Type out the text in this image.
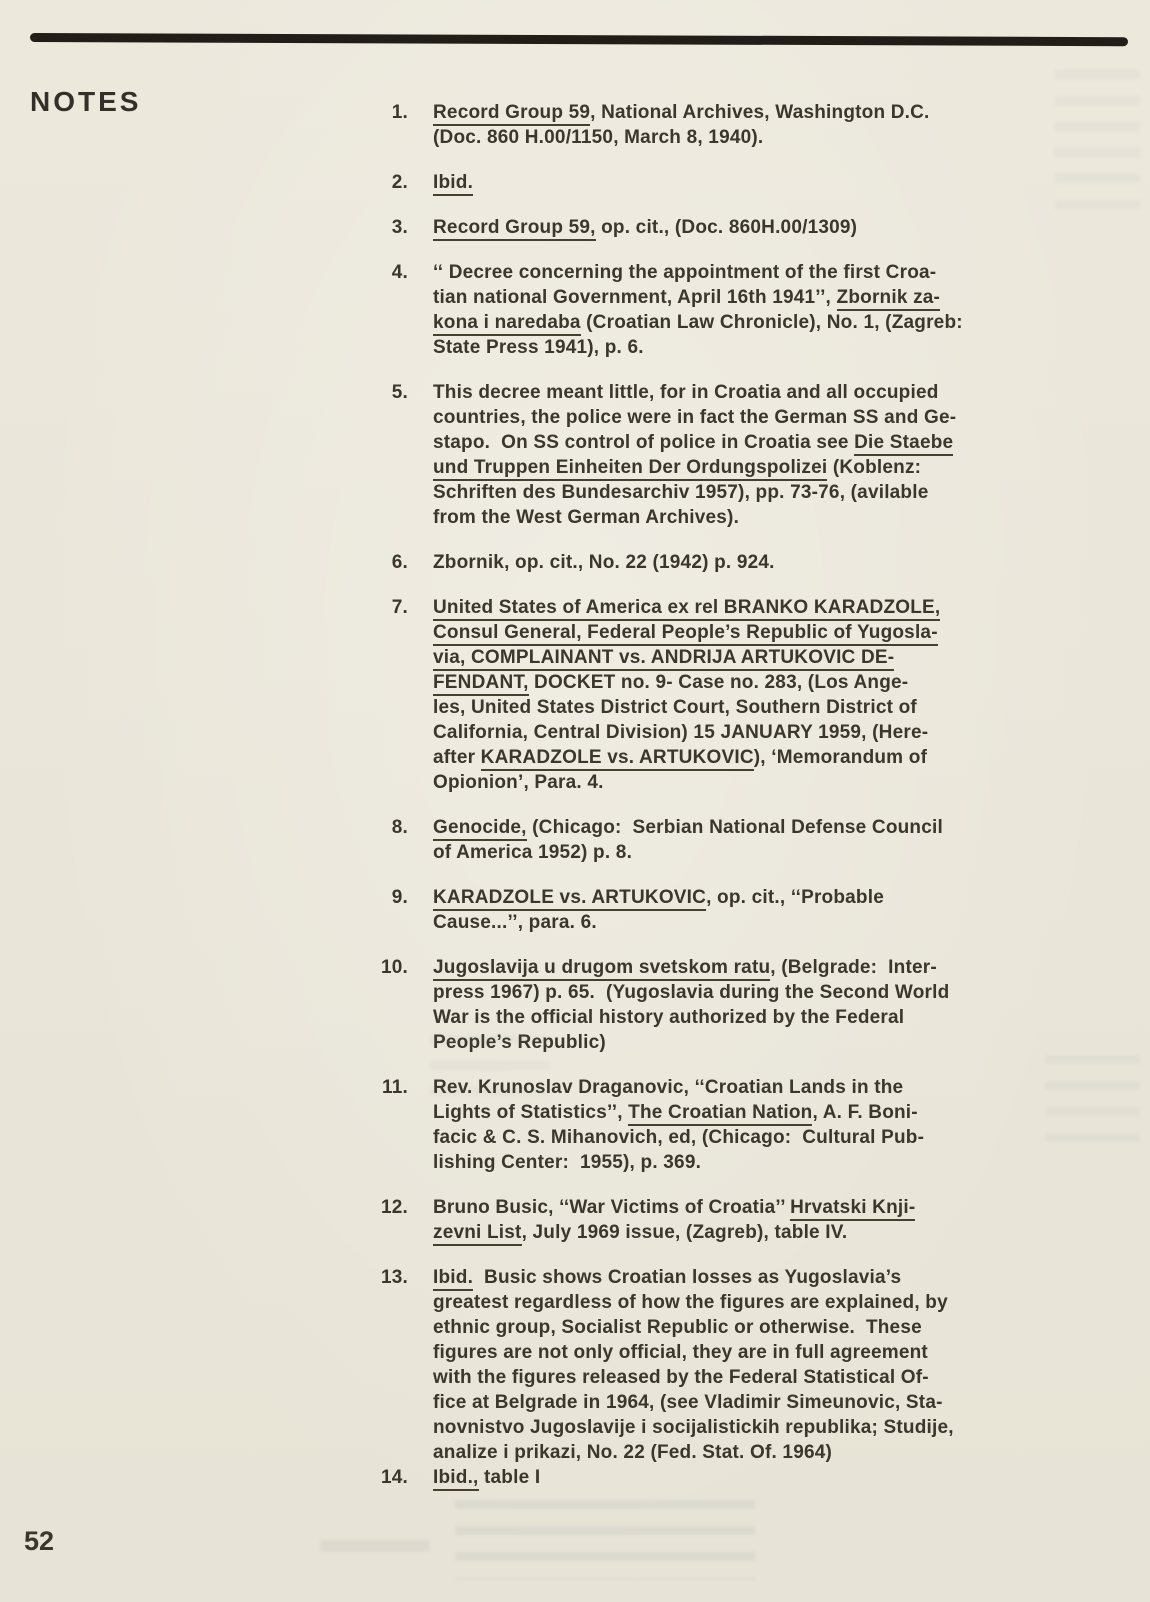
NOTES	1. Record Group 59, National Archives, Washington D.C.
(Doc. 860 H.00/1150, March 8, 1940).
2. Ibid.
3. Record Group 59, op. cit., (Doc. 860H.00/1309)
4. ‘‘ Decree concerning the appointment of the first Croa-
tian national Government, April 16th 1941’’, Zbornik za-
kona i naredaba (Croatian Law Chronicle), No. 1, (Zagreb:
State Press 1941), p. 6.
5. This decree meant little, for in Croatia and all occupied
countries, the police were in fact the German SS and Ge-
stapo.  On SS control of police in Croatia see Die Staebe
und Truppen Einheiten Der Ordungspolizei (Koblenz:
Schriften des Bundesarchiv 1957), pp. 73-76, (avilable
from the West German Archives).
6. Zbornik, op. cit., No. 22 (1942) p. 924.
7. United States of America ex rel BRANKO KARADZOLE,
Consul General, Federal People’s Republic of Yugosla-
via, COMPLAINANT vs. ANDRIJA ARTUKOVIC DE-
FENDANT, DOCKET no. 9- Case no. 283, (Los Ange-
les, United States District Court, Southern District of
California, Central Division) 15 JANUARY 1959, (Here-
after KARADZOLE vs. ARTUKOVIC), ‘Memorandum of
Opionion’, Para. 4.
8. Genocide, (Chicago:  Serbian National Defense Council
of America 1952) p. 8.
9. KARADZOLE vs. ARTUKOVIC, op. cit., ‘‘Probable
Cause...’’, para. 6.
10. Jugoslavija u drugom svetskom ratu, (Belgrade:  Inter-
press 1967) p. 65.  (Yugoslavia during the Second World
War is the official history authorized by the Federal
People’s Republic)
11. Rev. Krunoslav Draganovic, ‘‘Croatian Lands in the
Lights of Statistics’’, The Croatian Nation, A. F. Boni-
facic & C. S. Mihanovich, ed, (Chicago:  Cultural Pub-
lishing Center:  1955), p. 369.
12. Bruno Busic, ‘‘War Victims of Croatia’’ Hrvatski Knji-
zevni List, July 1969 issue, (Zagreb), table IV.
13. Ibid.  Busic shows Croatian losses as Yugoslavia’s
greatest regardless of how the figures are explained, by
ethnic group, Socialist Republic or otherwise.  These
figures are not only official, they are in full agreement
with the figures released by the Federal Statistical Of-
fice at Belgrade in 1964, (see Vladimir Simeunovic, Sta-
novnistvo Jugoslavije i socijalistickih republika; Studije,
analize i prikazi, No. 22 (Fed. Stat. Of. 1964)
14. Ibid., table I
52
